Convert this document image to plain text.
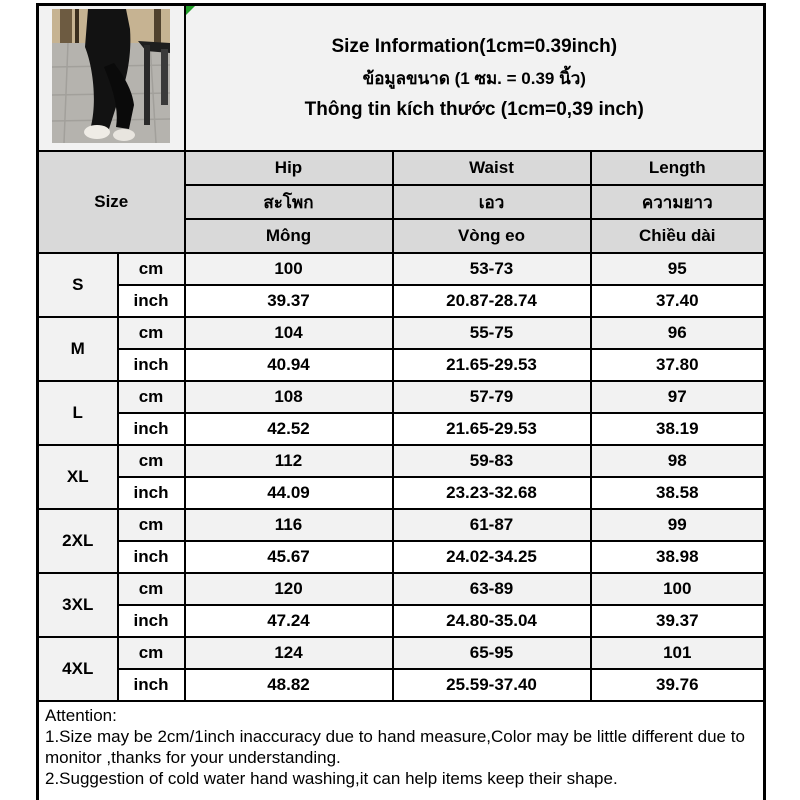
Size Information(1cm=0.39inch)
ข้อมูลขนาด (1 ซม. = 0.39 นิ้ว)
Thông tin kích thước (1cm=0,39 inch)		

Size		Hip	Waist	Length
		สะโพก	เอว	ความยาว
		Mông	Vòng eo	Chiều dài
S	cm	100	53-73	95
	inch	39.37	20.87-28.74	37.40
M	cm	104	55-75	96
	inch	40.94	21.65-29.53	37.80
L	cm	108	57-79	97
	inch	42.52	21.65-29.53	38.19
XL	cm	112	59-83	98
	inch	44.09	23.23-32.68	38.58
2XL	cm	116	61-87	99
	inch	45.67	24.02-34.25	38.98
3XL	cm	120	63-89	100
	inch	47.24	24.80-35.04	39.37
4XL	cm	124	65-95	101
	inch	48.82	25.59-37.40	39.76

Attention:
1.Size may be 2cm/1inch inaccuracy due to hand measure,Color may be little different due to monitor ,thanks for your understanding.
2.Suggestion of cold water hand washing,it can help items keep their shape.				
